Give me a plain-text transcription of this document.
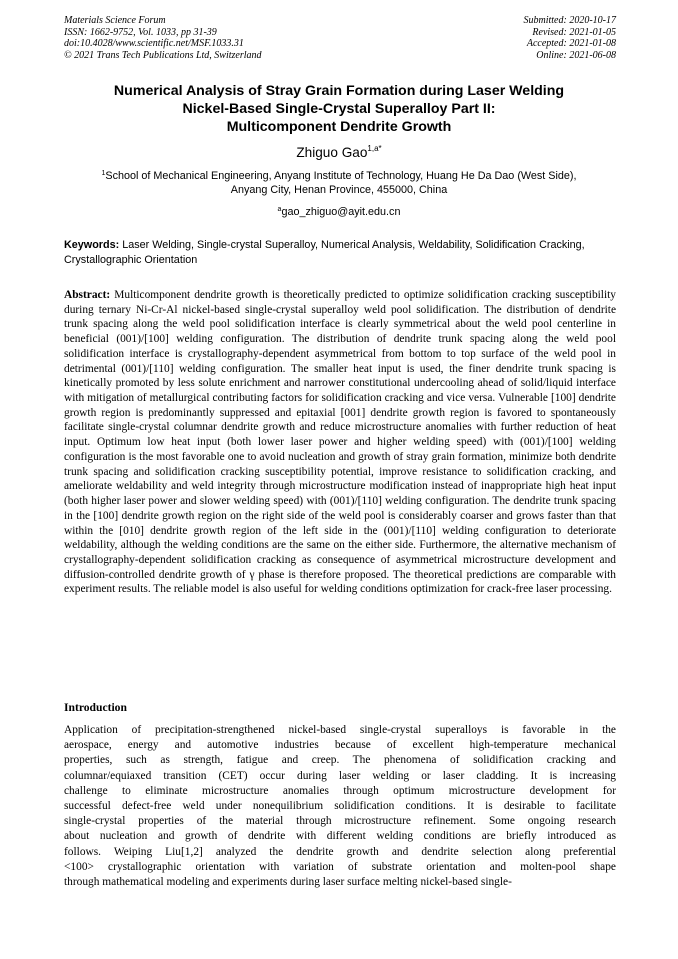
Materials Science Forum
ISSN: 1662-9752, Vol. 1033, pp 31-39
doi:10.4028/www.scientific.net/MSF.1033.31
© 2021 Trans Tech Publications Ltd, Switzerland
Submitted: 2020-10-17
Revised: 2021-01-05
Accepted: 2021-01-08
Online: 2021-06-08
Numerical Analysis of Stray Grain Formation during Laser Welding
Nickel-Based Single-Crystal Superalloy Part II:
Multicomponent Dendrite Growth
Zhiguo Gao$^{1,a*}$
$^1$School of Mechanical Engineering, Anyang Institute of Technology, Huang He Da Dao (West Side),
Anyang City, Henan Province, 455000, China
$^a$gao_zhiguo@ayit.edu.cn
Keywords: Laser Welding, Single-crystal Superalloy, Numerical Analysis, Weldability, Solidification Cracking, Crystallographic Orientation
Abstract: Multicomponent dendrite growth is theoretically predicted to optimize solidification cracking susceptibility during ternary Ni-Cr-Al nickel-based single-crystal superalloy weld pool solidification. The distribution of dendrite trunk spacing along the weld pool solidification interface is clearly symmetrical about the weld pool centerline in beneficial (001)/[100] welding configuration. The distribution of dendrite trunk spacing along the weld pool solidification interface is crystallography-dependent asymmetrical from bottom to top surface of the weld pool in detrimental (001)/[110] welding configuration. The smaller heat input is used, the finer dendrite trunk spacing is kinetically promoted by less solute enrichment and narrower constitutional undercooling ahead of solid/liquid interface with mitigation of metallurgical contributing factors for solidification cracking and vice versa. Vulnerable [100] dendrite growth region is predominantly suppressed and epitaxial [001] dendrite growth region is favored to spontaneously facilitate single-crystal columnar dendrite growth and reduce microstructure anomalies with further reduction of heat input. Optimum low heat input (both lower laser power and higher welding speed) with (001)/[100] welding configuration is the most favorable one to avoid nucleation and growth of stray grain formation, minimize both dendrite trunk spacing and solidification cracking susceptibility potential, improve resistance to solidification cracking, and ameliorate weldability and weld integrity through microstructure modification instead of inappropriate high heat input (both higher laser power and slower welding speed) with (001)/[110] welding configuration. The dendrite trunk spacing in the [100] dendrite growth region on the right side of the weld pool is considerably coarser and grows faster than that within the [010] dendrite growth region of the left side in the (001)/[110] welding configuration to deteriorate weldability, although the welding conditions are the same on the either side. Furthermore, the alternative mechanism of crystallography-dependent solidification cracking as consequence of asymmetrical microstructure development and diffusion-controlled dendrite growth of γ phase is therefore proposed. The theoretical predictions are comparable with experiment results. The reliable model is also useful for welding conditions optimization for crack-free laser processing.
Introduction
Application of precipitation-strengthened nickel-based single-crystal superalloys is favorable in the
aerospace, energy and automotive industries because of excellent high-temperature mechanical
properties, such as strength, fatigue and creep. The phenomena of solidification cracking and
columnar/equiaxed transition (CET) occur during laser welding or laser cladding. It is increasing
challenge to eliminate microstructure anomalies through optimum microstructure development for
successful defect-free weld under nonequilibrium solidification conditions. It is desirable to facilitate
single-crystal properties of the material through microstructure refinement. Some ongoing research
about nucleation and growth of dendrite with different welding conditions are briefly introduced as
follows. Weiping Liu[1,2] analyzed the dendrite growth and dendrite selection along preferential
<100> crystallographic orientation with variation of substrate orientation and molten-pool shape
through mathematical modeling and experiments during laser surface melting nickel-based single-
